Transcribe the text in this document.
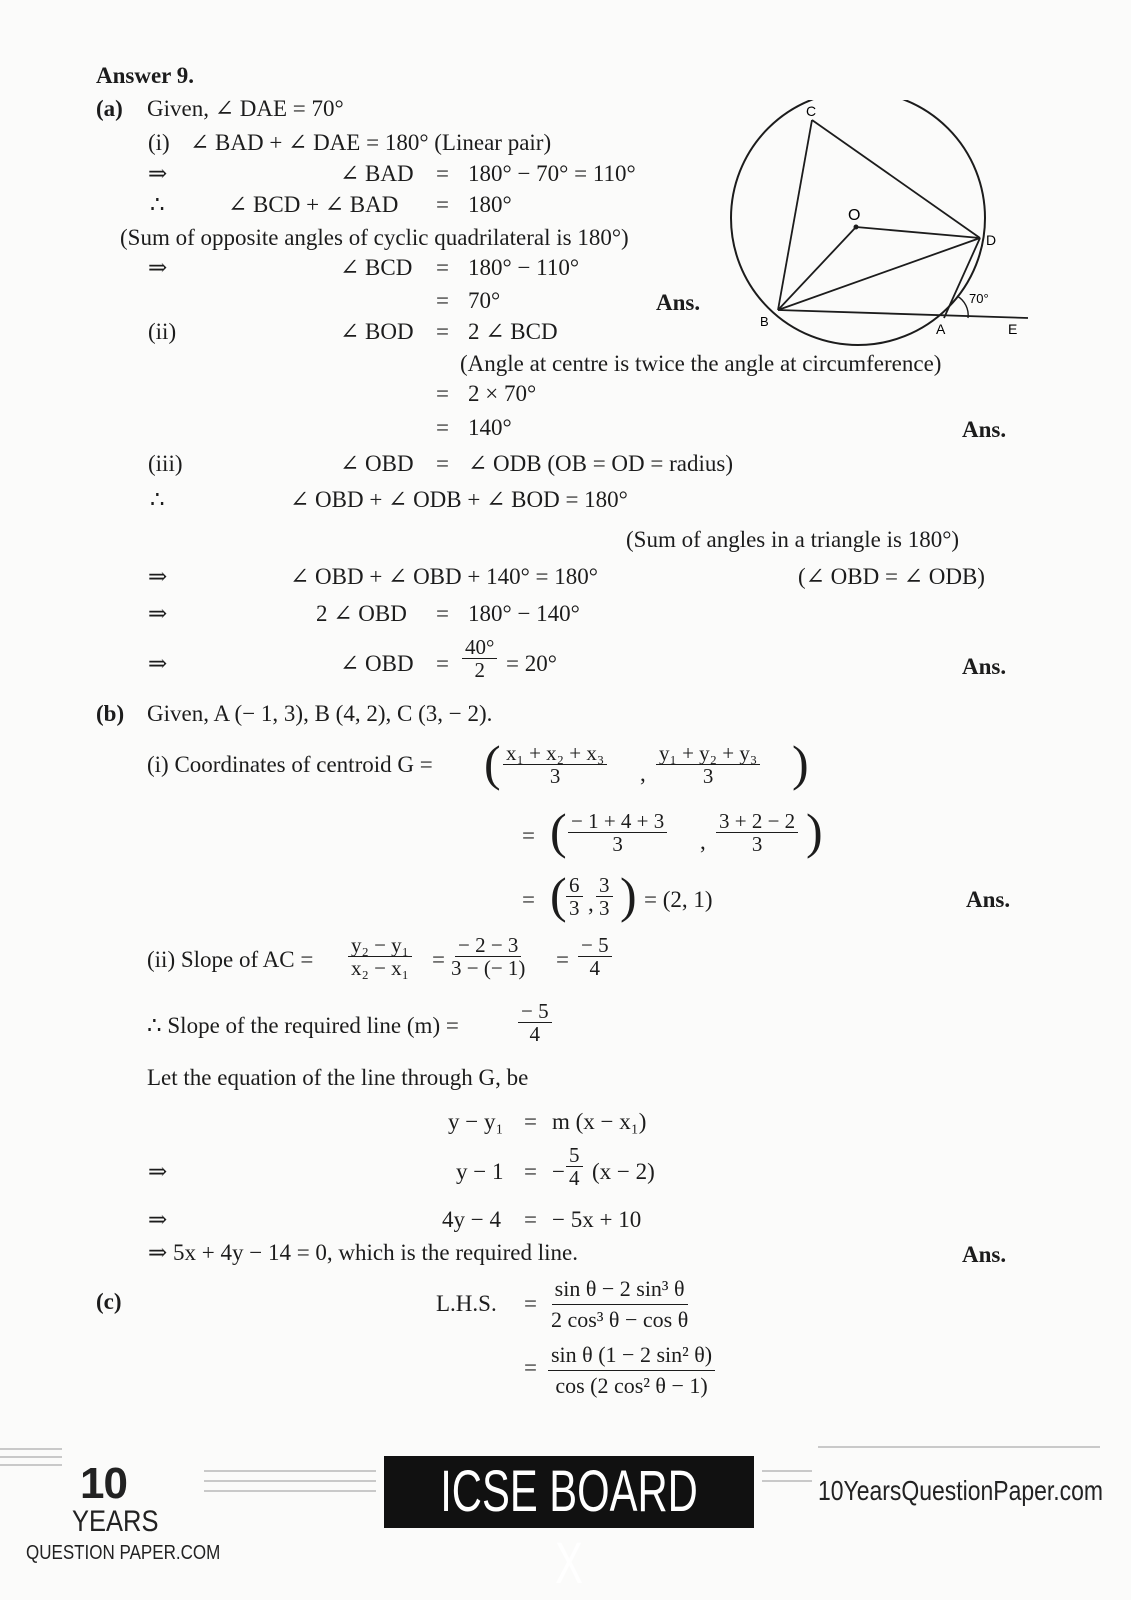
Answer 9.
(a) Given, ∠ DAE = 70°
(i) ∠ BAD + ∠ DAE = 180° (Linear pair)
⇒	∠ BAD = 180° − 70° = 110°
∴	∠ BCD + ∠ BAD = 180°
(Sum of opposite angles of cyclic quadrilateral is 180°)
⇒	∠ BCD = 180° − 110°
= 70°	Ans.
(ii)	∠ BOD = 2 ∠ BCD
(Angle at centre is twice the angle at circumference)
= 2 × 70°
= 140°	Ans.
(iii)	∠ OBD = ∠ ODB (OB = OD = radius)
∴	∠ OBD + ∠ ODB + ∠ BOD = 180°
(Sum of angles in a triangle is 180°)
⇒	∠ OBD + ∠ OBD + 140° = 180°	(∠ OBD = ∠ ODB)
⇒	2 ∠ OBD = 180° − 140°
⇒	∠ OBD = $\frac{40^\circ}{2} = 20^\circ$	Ans.
C
O
D
B	A	E
70°
(b) Given, A (− 1, 3), B (4, 2), C (3, − 2).
(i) Coordinates of centroid G = ( $\frac{\text{x₁ + x₂ + x₃}}{3}$ , $\frac{\text{y₁ + y₂ + y₃}}{3}$ )
= ( $\frac{- 1 + 4 + 3}{3}$ , $\frac{3 + 2 - 2}{3}$ )
= ( $\frac{6}{3}$ , $\frac{3}{3}$ ) = (2, 1)	Ans.
(ii) Slope of AC = $\frac{\text{y₂ − y₁}}{\text{x₂ − x₁}} = \frac{- 2 - 3}{3 - (- 1)} = \frac{- 5}{4}$
∴ Slope of the required line (m) =	$\frac{- 5}{4}$
Let the equation of the line through G, be
y − y₁ = m (x − x₁)
⇒	y − 1 = − $\frac{5}{4} (x - 2)$
⇒	4y − 4 = − 5x + 10
⇒ 5x + 4y − 14 = 0, which is the required line.	Ans.
(c)	L.H.S. = $\frac{\text{sin θ − 2 sin³ θ}}{\text{2 cos³ θ − cos θ}}$
= $\frac{\text{sin θ (1 − 2 sin² θ)}}{\text{cos (2 cos² θ − 1)}}$
10
YEARS
QUESTION PAPER.COM
ICSE BOARD X
10YearsQuestionPaper.com
